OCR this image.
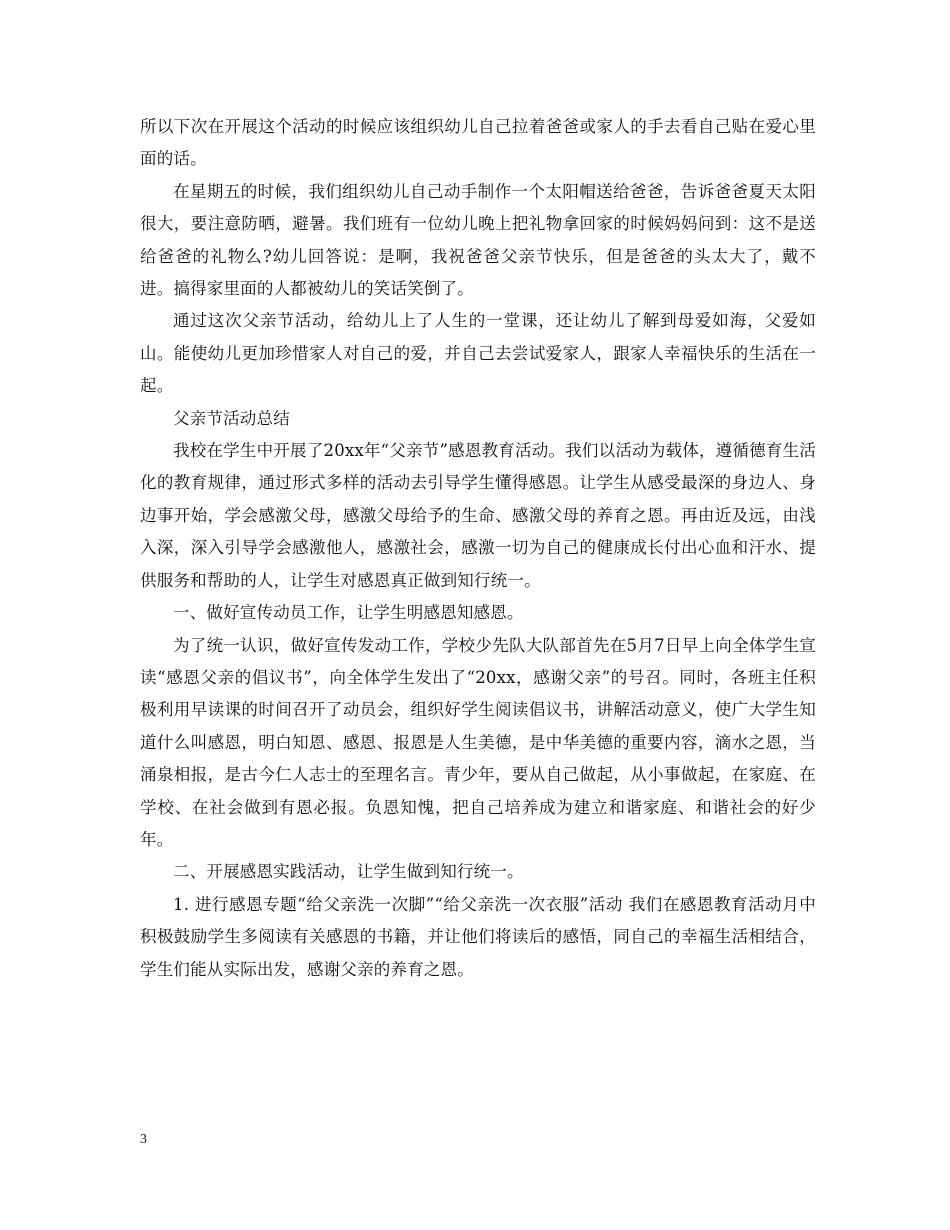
所以下次在开展这个活动的时候应该组织幼儿自己拉着爸爸或家人的手去看自己贴在爱心里面的话。

在星期五的时候，我们组织幼儿自己动手制作一个太阳帽送给爸爸，告诉爸爸夏天太阳很大，要注意防晒，避暑。我们班有一位幼儿晚上把礼物拿回家的时候妈妈问到：这不是送给爸爸的礼物么?幼儿回答说：是啊，我祝爸爸父亲节快乐，但是爸爸的头太大了，戴不进。搞得家里面的人都被幼儿的笑话笑倒了。

通过这次父亲节活动，给幼儿上了人生的一堂课，还让幼儿了解到母爱如海，父爱如山。能使幼儿更加珍惜家人对自己的爱，并自己去尝试爱家人，跟家人幸福快乐的生活在一起。

父亲节活动总结

我校在学生中开展了20xx年“父亲节”感恩教育活动。我们以活动为载体，遵循德育生活化的教育规律，通过形式多样的活动去引导学生懂得感恩。让学生从感受最深的身边人、身边事开始，学会感激父母，感激父母给予的生命、感激父母的养育之恩。再由近及远，由浅入深，深入引导学会感激他人，感激社会，感激一切为自己的健康成长付出心血和汗水、提供服务和帮助的人，让学生对感恩真正做到知行统一。

一、做好宣传动员工作，让学生明感恩知感恩。

为了统一认识，做好宣传发动工作，学校少先队大队部首先在5月7日早上向全体学生宣读“感恩父亲的倡议书”，向全体学生发出了“20xx，感谢父亲”的号召。同时，各班主任积极利用早读课的时间召开了动员会，组织好学生阅读倡议书，讲解活动意义，使广大学生知道什么叫感恩，明白知恩、感恩、报恩是人生美德，是中华美德的重要内容，滴水之恩，当涌泉相报，是古今仁人志士的至理名言。青少年，要从自己做起，从小事做起，在家庭、在学校、在社会做到有恩必报。负恩知愧，把自己培养成为建立和谐家庭、和谐社会的好少年。

二、开展感恩实践活动，让学生做到知行统一。

1. 进行感恩专题“给父亲洗一次脚”“给父亲洗一次衣服”活动 我们在感恩教育活动月中积极鼓励学生多阅读有关感恩的书籍，并让他们将读后的感悟，同自己的幸福生活相结合，学生们能从实际出发，感谢父亲的养育之恩。

3
